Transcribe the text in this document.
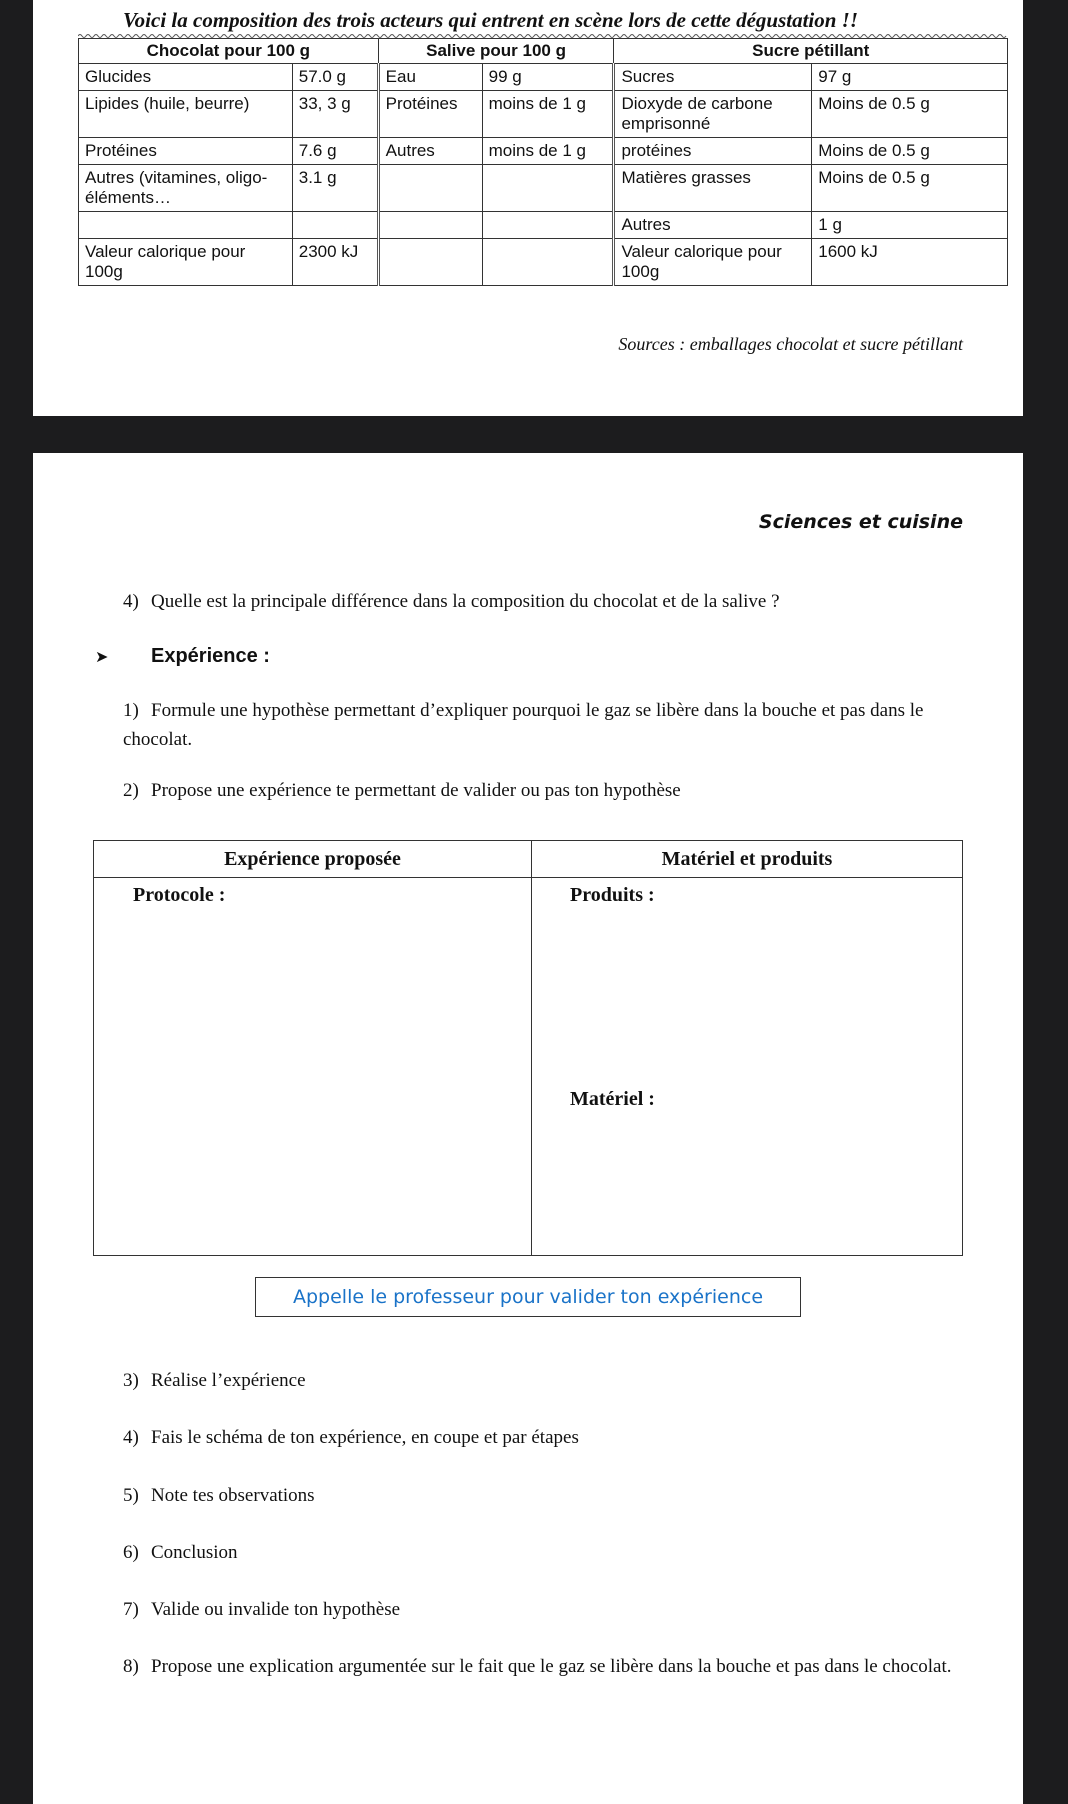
Voici la composition des trois acteurs qui entrent en scène lors de cette dégustation !!
Chocolat pour 100 g		Salive pour 100 g		Sucre pétillant	
Glucides	57.0 g	Eau	99 g	Sucres	97 g
Lipides (huile, beurre)	33, 3 g	Protéines	moins de 1 g	Dioxyde de carbone emprisonné	Moins de 0.5 g
Protéines	7.6 g	Autres	moins de 1 g	protéines	Moins de 0.5 g
Autres (vitamines, oligo-éléments…	3.1 g			Matières grasses	Moins de 0.5 g
				Autres	1 g
Valeur calorique pour 100g	2300 kJ			Valeur calorique pour 100g	1600 kJ
Sources : emballages chocolat et sucre pétillant
Sciences et cuisine
4) Quelle est la principale différence dans la composition du chocolat et de la salive ?
➤ Expérience :
1) Formule une hypothèse permettant d’expliquer pourquoi le gaz se libère dans la bouche et pas dans le chocolat.
2) Propose une expérience te permettant de valider ou pas ton hypothèse
Expérience proposée	Matériel et produits

Protocole :	Produits :
Matériel :
Appelle le professeur pour valider ton expérience
3) Réalise l’expérience
4) Fais le schéma de ton expérience, en coupe et par étapes
5) Note tes observations
6) Conclusion
7) Valide ou invalide ton hypothèse
8) Propose une explication argumentée sur le fait que le gaz se libère dans la bouche et pas dans le chocolat.
